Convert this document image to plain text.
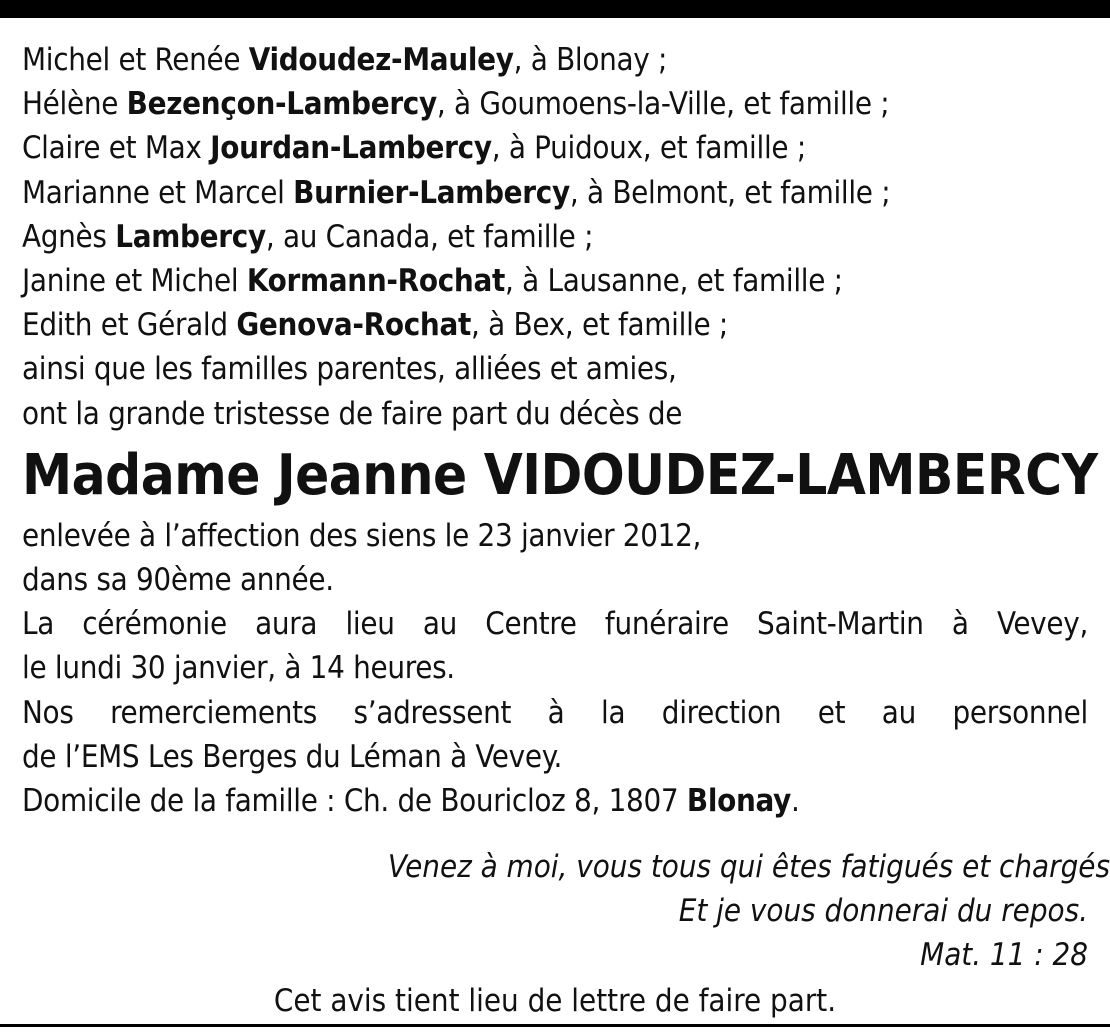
Michel et Renée Vidoudez-Mauley, à Blonay ;
Hélène Bezençon-Lambercy, à Goumoens-la-Ville, et famille ;
Claire et Max Jourdan-Lambercy, à Puidoux, et famille ;
Marianne et Marcel Burnier-Lambercy, à Belmont, et famille ;
Agnès Lambercy, au Canada, et famille ;
Janine et Michel Kormann-Rochat, à Lausanne, et famille ;
Edith et Gérald Genova-Rochat, à Bex, et famille ;
ainsi que les familles parentes, alliées et amies,
ont la grande tristesse de faire part du décès de
Madame Jeanne VIDOUDEZ-LAMBERCY
enlevée à l’affection des siens le 23 janvier 2012,
dans sa 90ème année.
La cérémonie aura lieu au Centre funéraire Saint-Martin à Vevey,
le lundi 30 janvier, à 14 heures.
Nos remerciements s’adressent à la direction et au personnel
de l’EMS Les Berges du Léman à Vevey.
Domicile de la famille : Ch. de Bouricloz 8, 1807 Blonay.
Venez à moi, vous tous qui êtes fatigués et chargés
Et je vous donnerai du repos.
Mat. 11 : 28
Cet avis tient lieu de lettre de faire part.
